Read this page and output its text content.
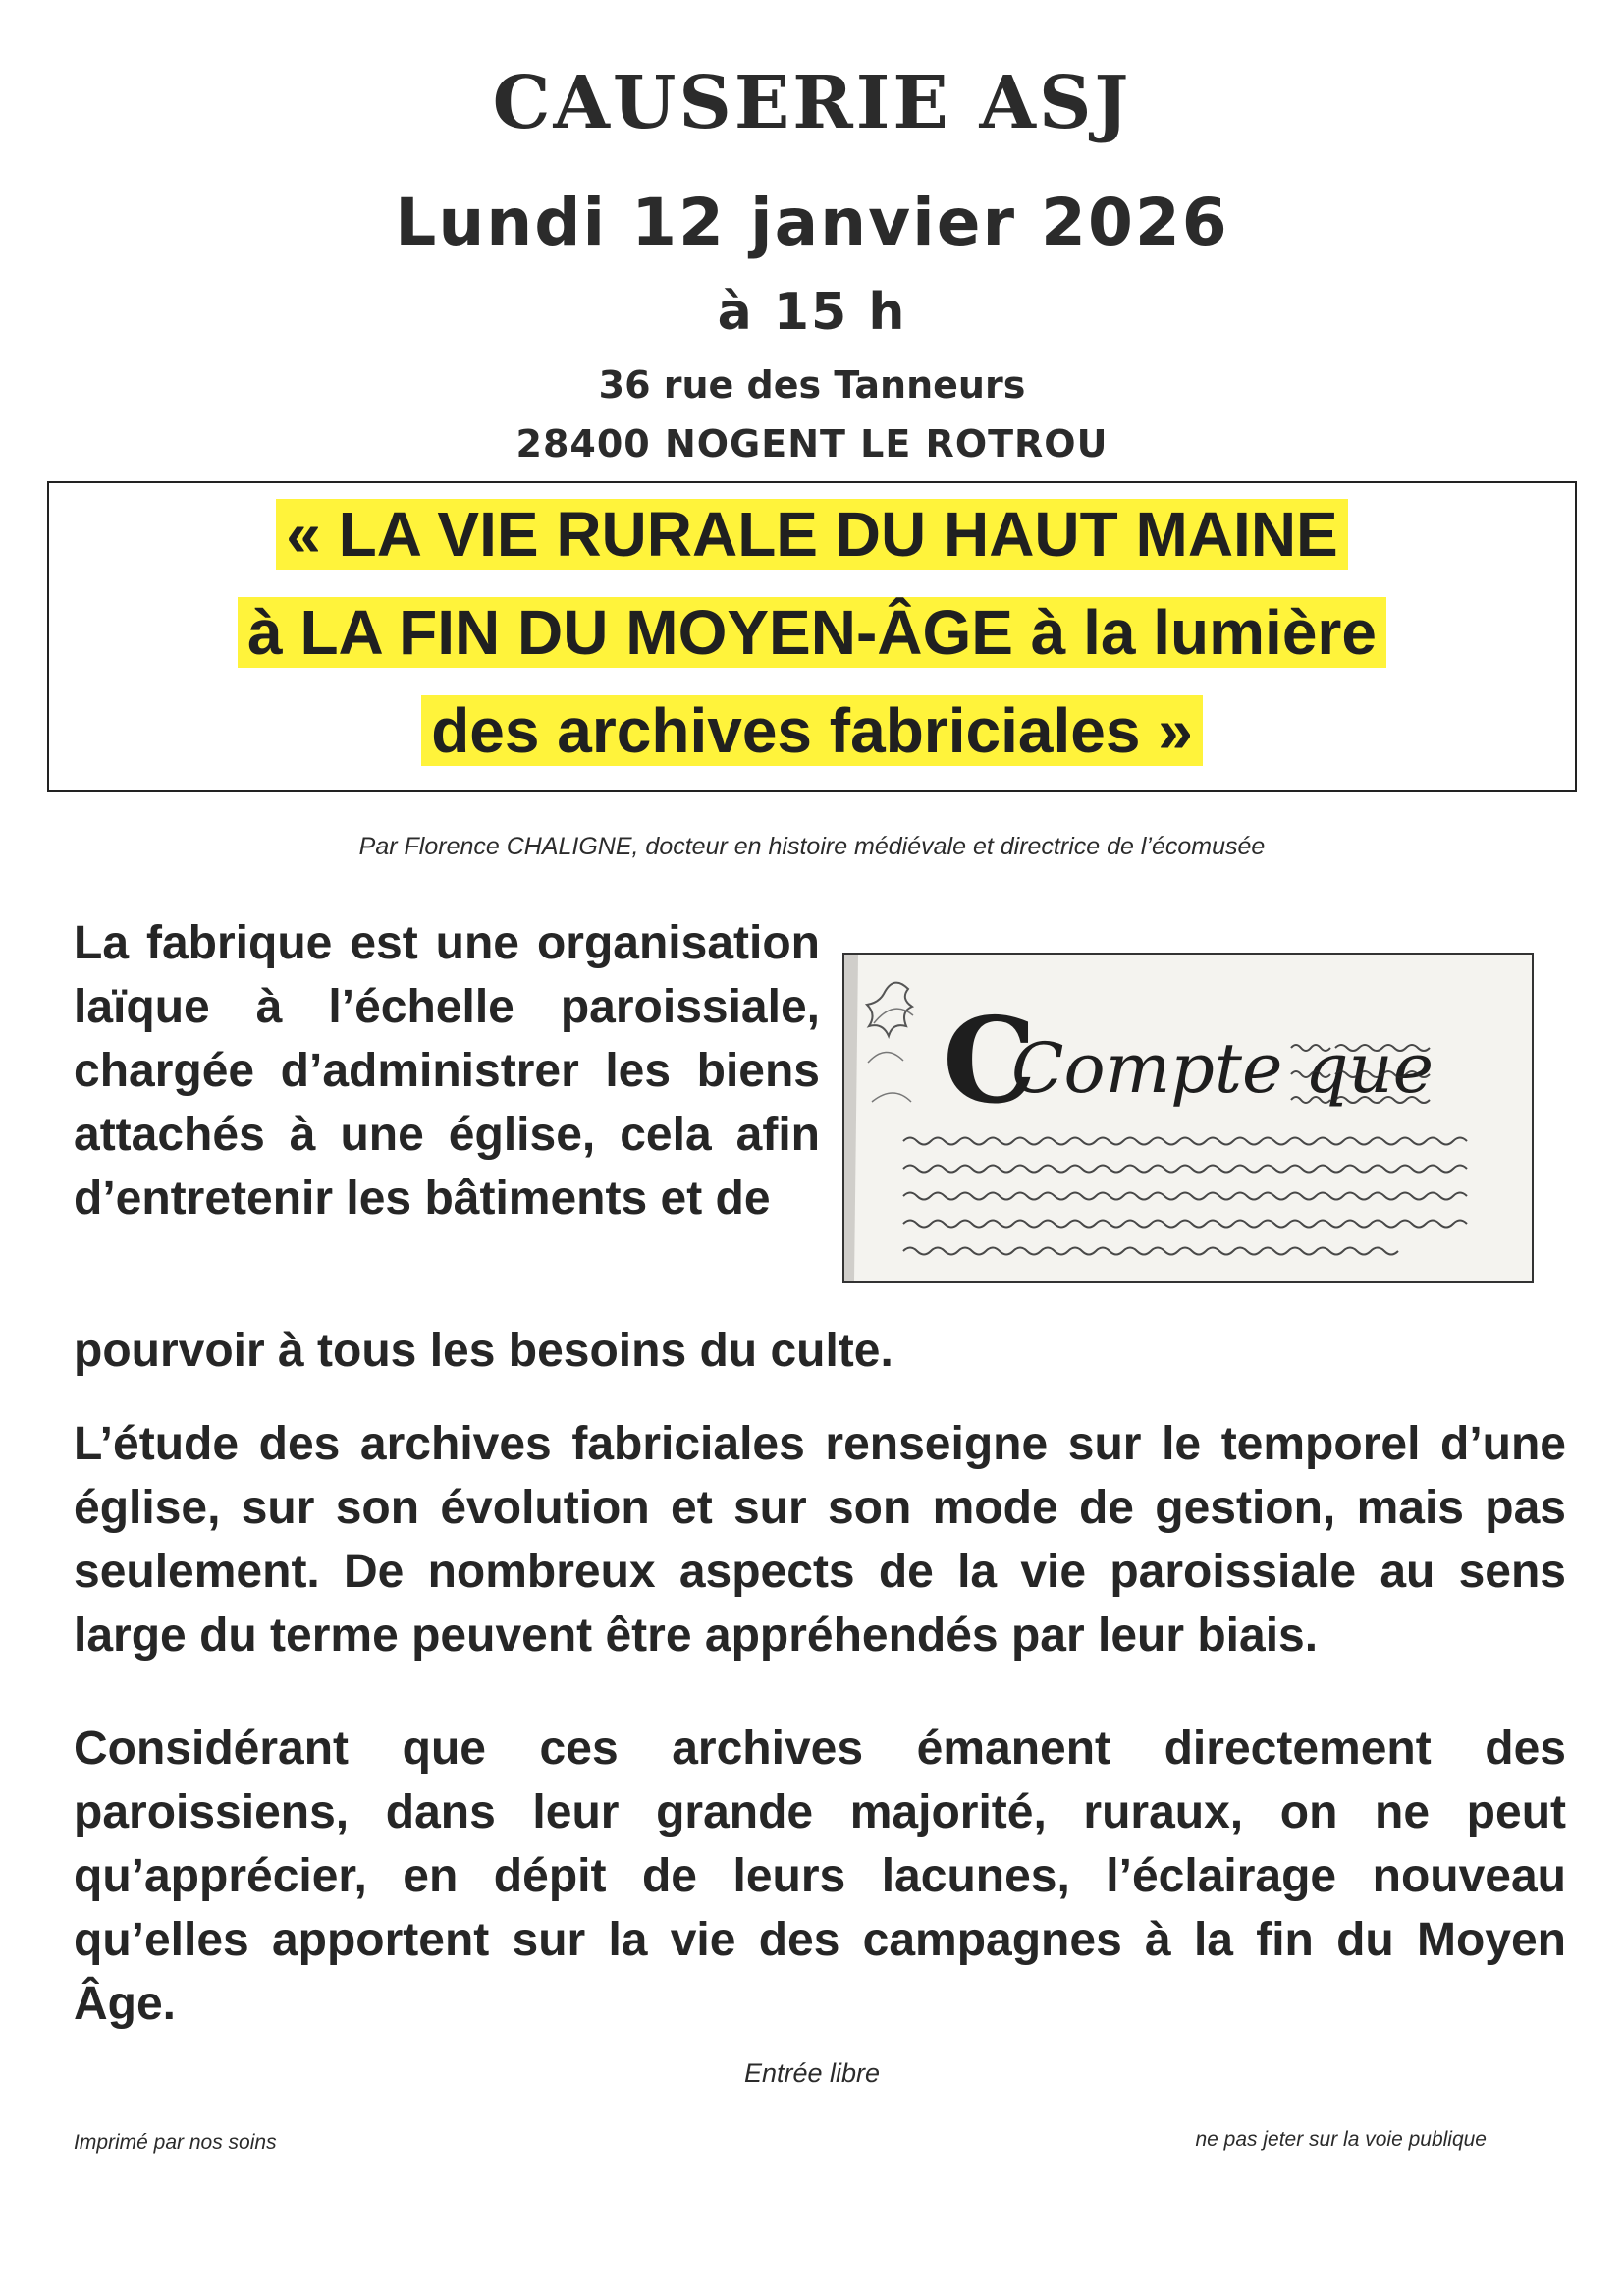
CAUSERIE ASJ
Lundi 12 janvier 2026
à 15 h
36 rue des Tanneurs
28400 NOGENT LE ROTROU
« LA VIE RURALE DU HAUT MAINE
à LA FIN DU MOYEN-ÂGE à la lumière
des archives fabriciales »
Par Florence CHALIGNE, docteur en histoire médiévale et directrice de l’écomusée
La fabrique est une organisation laïque à l’échelle paroissiale, chargée d’administrer les biens attachés à une église, cela afin d’entretenir les bâtiments et de
C
Compte que
pourvoir à tous les besoins du culte.
L’étude des archives fabriciales renseigne sur le temporel d’une église, sur son évolution et sur son mode de gestion, mais pas seulement. De nombreux aspects de la vie paroissiale au sens large du terme peuvent être appréhendés par leur biais.
Considérant que ces archives émanent directement des paroissiens, dans leur grande majorité, ruraux, on ne peut qu’apprécier, en dépit de leurs lacunes, l’éclairage nouveau qu’elles apportent sur la vie des campagnes à la fin du Moyen Âge.
Entrée libre
Imprimé par nos soins	ne pas jeter sur la voie publique
